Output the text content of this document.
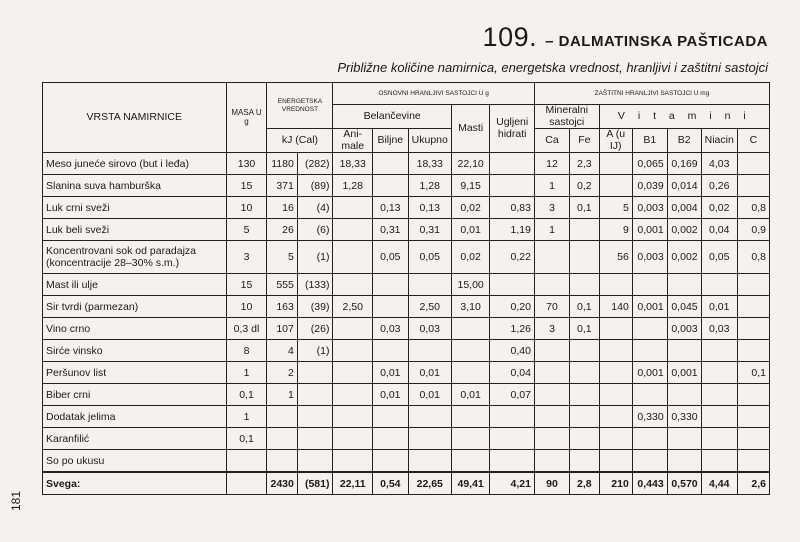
109. – DALMATINSKA PAŠTICADA
Približne količine namirnica, energetska vrednost, hranljivi i zaštitni sastojci
181
VRSTA NAMIRNICE	MASA U g	ENERGETSKA VREDNOST		OSNOVNI HRANLJIVI SASTOJCI U g					ZAŠTITNI HRANLJIVI SASTOJCI U mg						
				Belančevine			Masti	Ugljeni hidrati	Mineralni sastojci		V i t a m i n i				

		kJ (Cal)		Ani-male	Biljne	Ukupno			Ca	Fe	A (u IJ)	B1	B2	Niacin	C
Meso juneće sirovo (but i leđa)	130	1180	(282)	18,33		18,33	22,10		12	2,3		0,065	0,169	4,03	
Slanina suva hamburška	15	371	(89)	1,28		1,28	9,15		1	0,2		0,039	0,014	0,26	
Luk crni sveži	10	16	(4)		0,13	0,13	0,02	0,83	3	0,1	5	0,003	0,004	0,02	0,8
Luk beli sveži	5	26	(6)		0,31	0,31	0,01	1,19	1		9	0,001	0,002	0,04	0,9
Koncentrovani sok od paradajza (koncentracije 28–30% s.m.)	3	5	(1)		0,05	0,05	0,02	0,22			56	0,003	0,002	0,05	0,8
Mast ili ulje	15	555	(133)				15,00								
Sir tvrdi (parmezan)	10	163	(39)	2,50		2,50	3,10	0,20	70	0,1	140	0,001	0,045	0,01	
Vino crno	0,3 dl	107	(26)		0,03	0,03		1,26	3	0,1			0,003	0,03	
Sirće vinsko	8	4	(1)					0,40							
Peršunov list	1	2			0,01	0,01		0,04				0,001	0,001		0,1
Biber crni	0,1	1			0,01	0,01	0,01	0,07							
Dodatak jelima	1											0,330	0,330		
Karanfilić	0,1														
So po ukusu															
Svega:		2430	(581)	22,11	0,54	22,65	49,41	4,21	90	2,8	210	0,443	0,570	4,44	2,6
